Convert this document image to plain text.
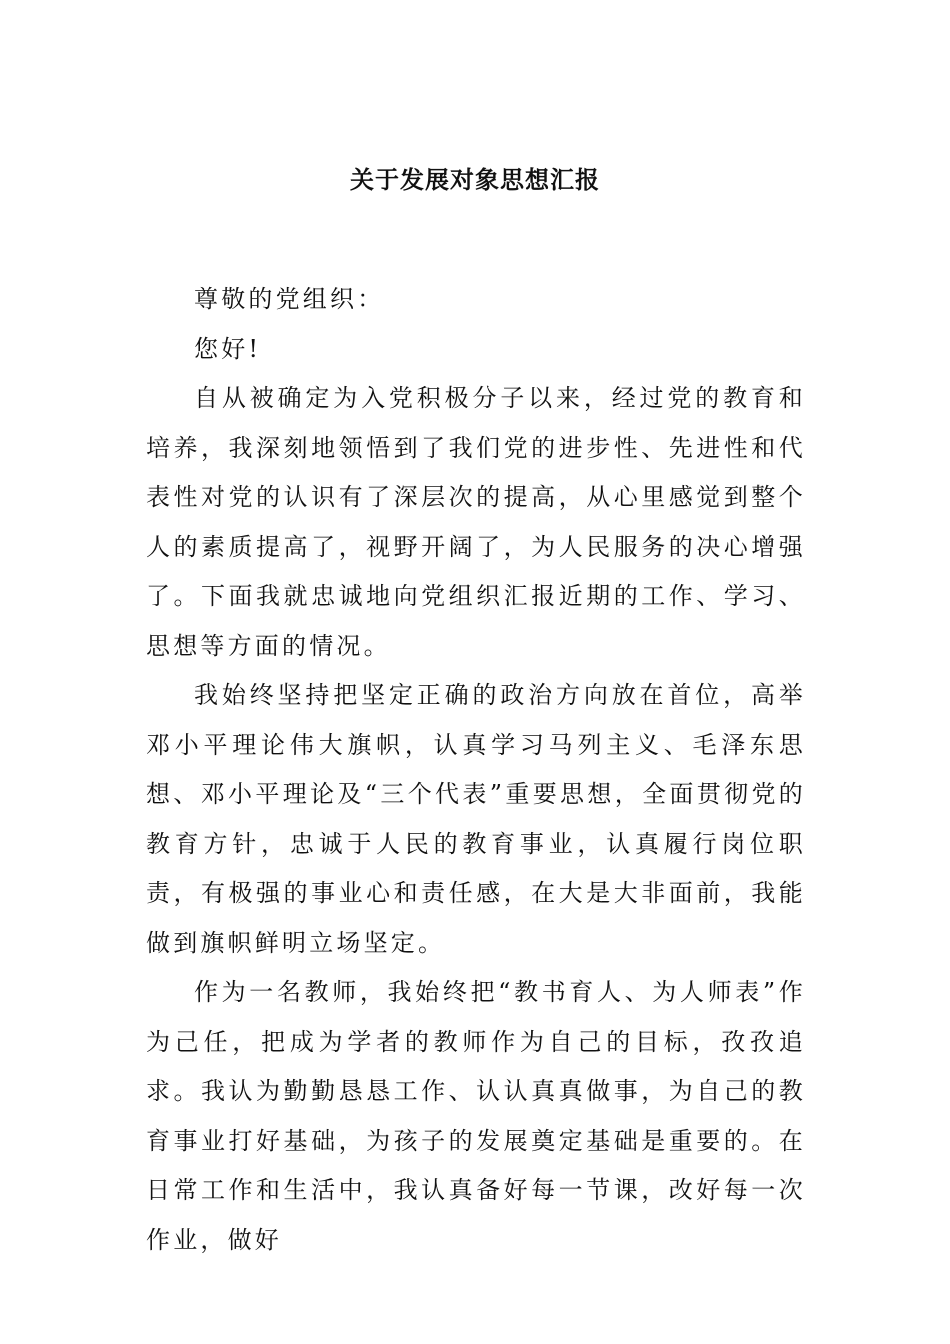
关于发展对象思想汇报

尊敬的党组织：

您好!

自从被确定为入党积极分子以来，经过党的教育和培养，我深刻地领悟到了我们党的进步性、先进性和代表性对党的认识有了深层次的提高，从心里感觉到整个人的素质提高了，视野开阔了，为人民服务的决心增强了。下面我就忠诚地向党组织汇报近期的工作、学习、思想等方面的情况。

我始终坚持把坚定正确的政治方向放在首位，高举邓小平理论伟大旗帜，认真学习马列主义、毛泽东思想、邓小平理论及“三个代表”重要思想，全面贯彻党的教育方针，忠诚于人民的教育事业，认真履行岗位职责，有极强的事业心和责任感，在大是大非面前，我能做到旗帜鲜明立场坚定。

作为一名教师，我始终把“教书育人、为人师表”作为己任，把成为学者的教师作为自己的目标，孜孜追求。我认为勤勤恳恳工作、认认真真做事，为自己的教育事业打好基础，为孩子的发展奠定基础是重要的。在日常工作和生活中，我认真备好每一节课，改好每一次作业，做好
